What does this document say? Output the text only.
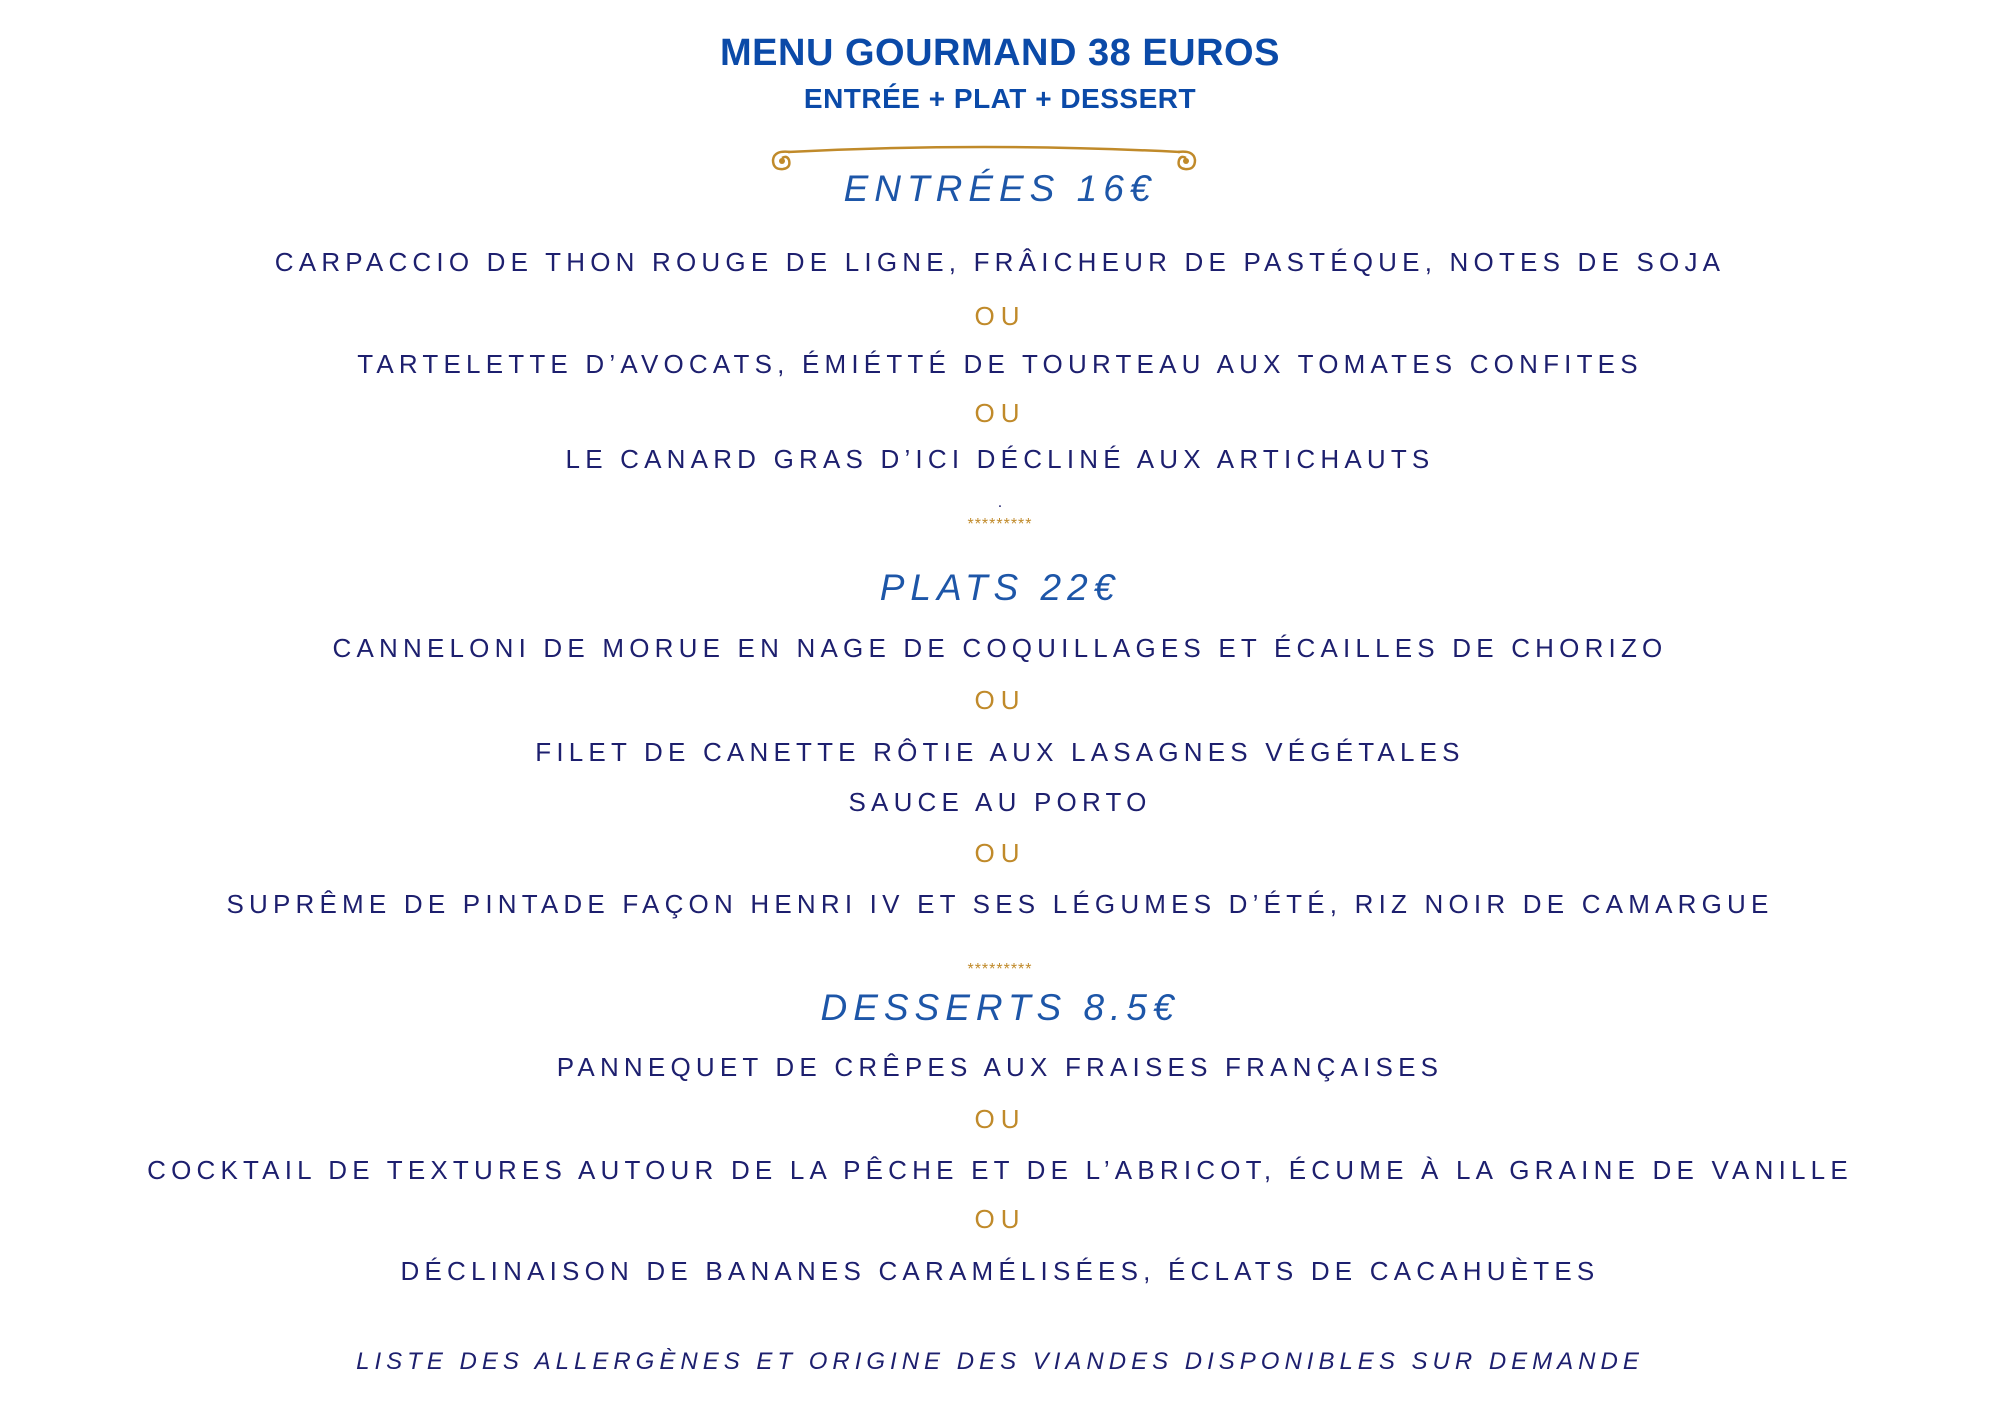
MENU GOURMAND 38 EUROS

ENTRÉE + PLAT + DESSERT

ENTRÉES 16€

CARPACCIO DE THON ROUGE DE LIGNE, FRÂICHEUR DE PASTÉQUE, NOTES DE SOJA

OU

TARTELETTE D’AVOCATS, ÉMIÉTTÉ DE TOURTEAU AUX TOMATES CONFITES

OU

LE CANARD GRAS D’ICI DÉCLINÉ AUX ARTICHAUTS

.

*********

PLATS 22€

CANNELONI DE MORUE EN NAGE DE COQUILLAGES ET ÉCAILLES DE CHORIZO

OU

FILET DE CANETTE RÔTIE AUX LASAGNES VÉGÉTALES

SAUCE AU PORTO

OU

SUPRÊME DE PINTADE FAÇON HENRI IV ET SES LÉGUMES D’ÉTÉ, RIZ NOIR DE CAMARGUE

*********

DESSERTS 8.5€

PANNEQUET DE CRÊPES AUX FRAISES FRANÇAISES

OU

COCKTAIL DE TEXTURES AUTOUR DE LA PÊCHE ET DE L’ABRICOT, ÉCUME À LA GRAINE DE VANILLE

OU

DÉCLINAISON DE BANANES CARAMÉLISÉES, ÉCLATS DE CACAHUÈTES

LISTE DES ALLERGÈNES ET ORIGINE DES VIANDES DISPONIBLES SUR DEMANDE
